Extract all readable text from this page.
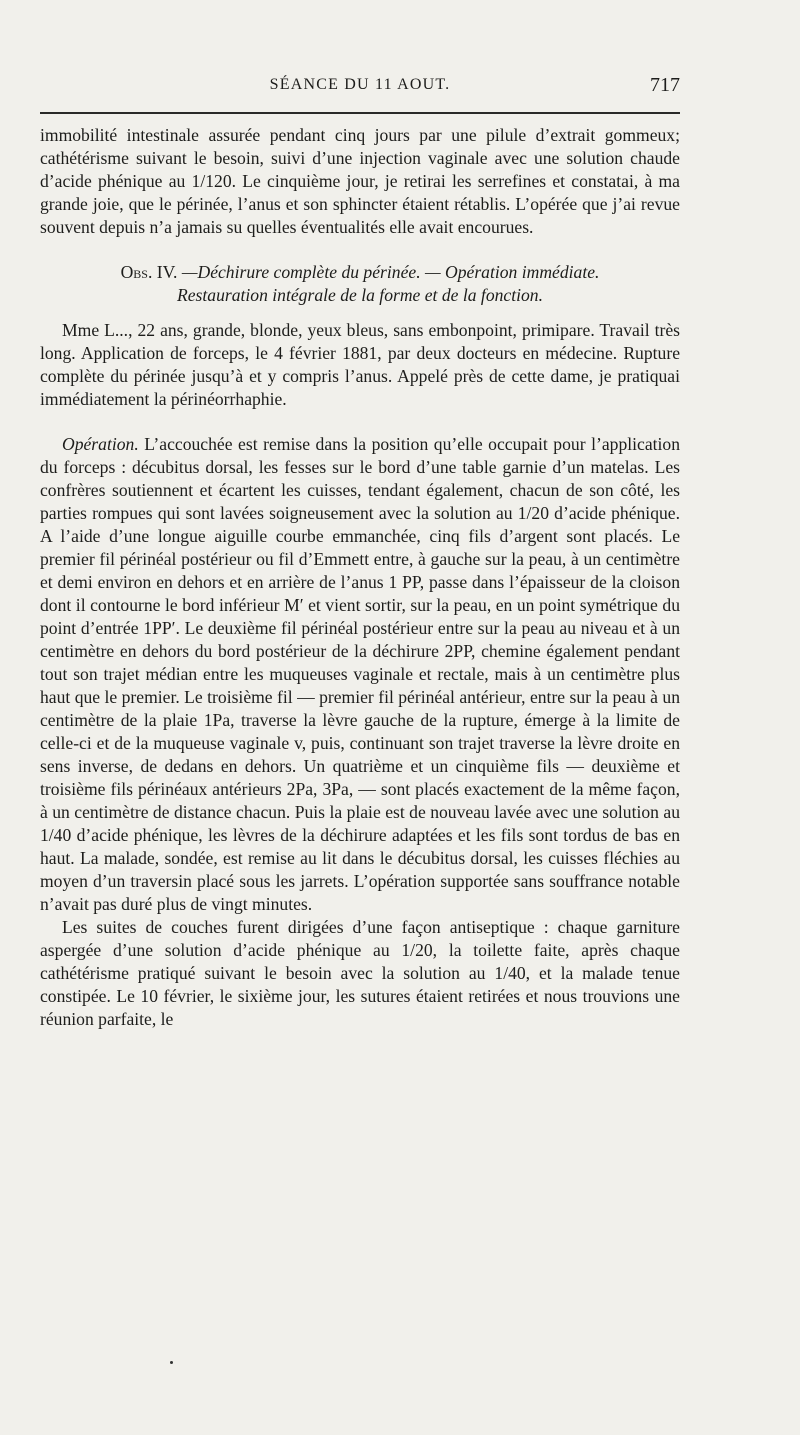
SÉANCE DU 11 AOUT.	717

immobilité intestinale assurée pendant cinq jours par une pilule d’extrait gommeux; cathétérisme suivant le besoin, suivi d’une injection vaginale avec une solution chaude d’acide phénique au 1/120. Le cinquième jour, je retirai les serrefines et constatai, à ma grande joie, que le périnée, l’anus et son sphincter étaient rétablis. L’opérée que j’ai revue souvent depuis n’a jamais su quelles éventualités elle avait encourues.

Obs. IV. —Déchirure complète du périnée. — Opération immédiate.
Restauration intégrale de la forme et de la fonction.

Mme L..., 22 ans, grande, blonde, yeux bleus, sans embonpoint, primipare. Travail très long. Application de forceps, le 4 février 1881, par deux docteurs en médecine. Rupture complète du périnée jusqu’à et y compris l’anus. Appelé près de cette dame, je pratiquai immédiatement la périnéorrhaphie.

Opération. L’accouchée est remise dans la position qu’elle occupait pour l’application du forceps : décubitus dorsal, les fesses sur le bord d’une table garnie d’un matelas. Les confrères soutiennent et écartent les cuisses, tendant également, chacun de son côté, les parties rompues qui sont lavées soigneusement avec la solution au 1/20 d’acide phénique. A l’aide d’une longue aiguille courbe emmanchée, cinq fils d’argent sont placés. Le premier fil périnéal postérieur ou fil d’Emmett entre, à gauche sur la peau, à un centimètre et demi environ en dehors et en arrière de l’anus 1 PP, passe dans l’épaisseur de la cloison dont il contourne le bord inférieur M′ et vient sortir, sur la peau, en un point symétrique du point d’entrée 1PP′. Le deuxième fil périnéal postérieur entre sur la peau au niveau et à un centimètre en dehors du bord postérieur de la déchirure 2PP, chemine également pendant tout son trajet médian entre les muqueuses vaginale et rectale, mais à un centimètre plus haut que le premier. Le troisième fil — premier fil périnéal antérieur, entre sur la peau à un centimètre de la plaie 1Pa, traverse la lèvre gauche de la rupture, émerge à la limite de celle-ci et de la muqueuse vaginale v, puis, continuant son trajet traverse la lèvre droite en sens inverse, de dedans en dehors. Un quatrième et un cinquième fils — deuxième et troisième fils périnéaux antérieurs 2Pa, 3Pa, — sont placés exactement de la même façon, à un centimètre de distance chacun. Puis la plaie est de nouveau lavée avec une solution au 1/40 d’acide phénique, les lèvres de la déchirure adaptées et les fils sont tordus de bas en haut. La malade, sondée, est remise au lit dans le décubitus dorsal, les cuisses fléchies au moyen d’un traversin placé sous les jarrets. L’opération supportée sans souffrance notable n’avait pas duré plus de vingt minutes.

Les suites de couches furent dirigées d’une façon antiseptique : chaque garniture aspergée d’une solution d’acide phénique au 1/20, la toilette faite, après chaque cathétérisme pratiqué suivant le besoin avec la solution au 1/40, et la malade tenue constipée. Le 10 février, le sixième jour, les sutures étaient retirées et nous trouvions une réunion parfaite, le
